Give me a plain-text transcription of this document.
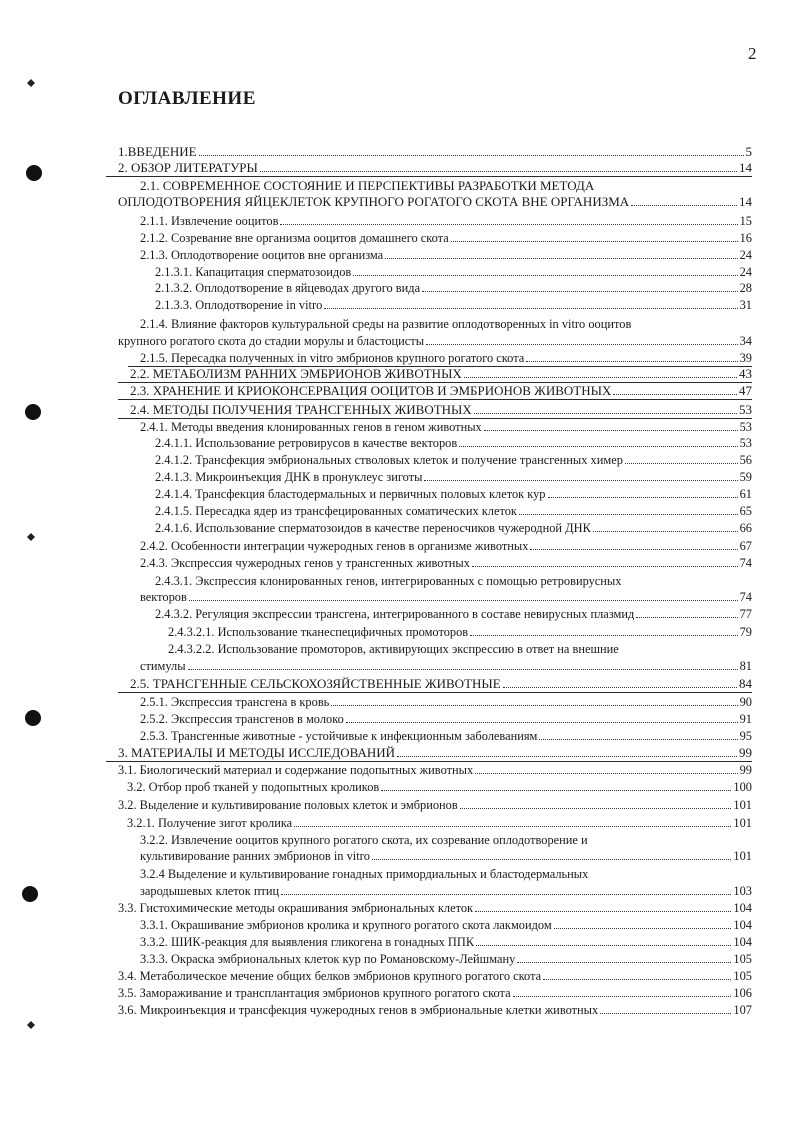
2
ОГЛАВЛЕНИЕ
1.ВВЕДЕНИЕ	5
2. ОБЗОР ЛИТЕРАТУРЫ	14
2.1. СОВРЕМЕННОЕ СОСТОЯНИЕ И ПЕРСПЕКТИВЫ РАЗРАБОТКИ МЕТОДА
ОПЛОДОТВОРЕНИЯ ЯЙЦЕКЛЕТОК КРУПНОГО РОГАТОГО СКОТА ВНЕ ОРГАНИЗМА	14
2.1.1. Извлечение ооцитов	15
2.1.2. Созревание вне организма ооцитов домашнего скота	16
2.1.3. Оплодотворение ооцитов вне организма	24
2.1.3.1. Капацитация сперматозоидов	24
2.1.3.2. Оплодотворение в яйцеводах другого вида	28
2.1.3.3. Оплодотворение in vitro	31
2.1.4. Влияние факторов культуральной среды на развитие оплодотворенных in vitro ооцитов
крупного рогатого скота до стадии морулы и бластоцисты	34
2.1.5. Пересадка полученных in vitro эмбрионов крупного рогатого скота	39
2.2. МЕТАБОЛИЗМ РАННИХ ЭМБРИОНОВ ЖИВОТНЫХ	43
2.3. ХРАНЕНИЕ И КРИОКОНСЕРВАЦИЯ ООЦИТОВ И ЭМБРИОНОВ ЖИВОТНЫХ	47
2.4. МЕТОДЫ ПОЛУЧЕНИЯ ТРАНСГЕННЫХ ЖИВОТНЫХ	53
2.4.1. Методы введения клонированных генов в геном животных	53
2.4.1.1. Использование ретровирусов в качестве векторов	53
2.4.1.2. Трансфекция эмбриональных стволовых клеток и получение трансгенных химер	56
2.4.1.3. Микроинъекция ДНК в пронуклеус зиготы	59
2.4.1.4. Трансфекция бластодермальных и первичных половых клеток кур	61
2.4.1.5. Пересадка ядер из трансфецированных соматических клеток	65
2.4.1.6. Использование сперматозоидов в качестве переносчиков чужеродной ДНК	66
2.4.2. Особенности интеграции чужеродных генов в организме животных	67
2.4.3. Экспрессия чужеродных генов у трансгенных животных	74
2.4.3.1. Экспрессия клонированных генов, интегрированных с помощью ретровирусных
векторов	74
2.4.3.2. Регуляция экспрессии трансгена, интегрированного в составе невирусных плазмид	77
2.4.3.2.1. Использование тканеспецифичных промоторов	79
2.4.3.2.2. Использование промоторов, активирующих экспрессию в ответ на внешние
стимулы	81
2.5. ТРАНСГЕННЫЕ СЕЛЬСКОХОЗЯЙСТВЕННЫЕ ЖИВОТНЫЕ	84
2.5.1. Экспрессия трансгена в кровь	90
2.5.2. Экспрессия трансгенов в молоко	91
2.5.3. Трансгенные животные - устойчивые к инфекционным заболеваниям	95
3. МАТЕРИАЛЫ И МЕТОДЫ ИССЛЕДОВАНИЙ	99
3.1. Биологический материал и содержание подопытных животных	99
3.2. Отбор проб тканей у подопытных кроликов	100
3.2. Выделение и культивирование половых клеток и эмбрионов	101
3.2.1. Получение зигот кролика	101
3.2.2. Извлечение ооцитов крупного рогатого скота, их созревание оплодотворение и
культивирование ранних эмбрионов in vitro	101
3.2.4 Выделение и культивирование гонадных примордиальных и бластодермальных
зародышевых клеток птиц	103
3.3. Гистохимические методы окрашивания эмбриональных клеток	104
3.3.1. Окрашивание эмбрионов кролика и крупного рогатого скота лакмоидом	104
3.3.2. ШИК-реакция для выявления гликогена в гонадных ППК	104
3.3.3. Окраска эмбриональных клеток кур по Романовскому-Лейшману	105
3.4. Метаболическое мечение общих белков эмбрионов крупного рогатого скота	105
3.5. Замораживание и трансплантация эмбрионов крупного рогатого скота	106
3.6. Микроинъекция и трансфекция чужеродных генов в эмбриональные клетки животных	107
